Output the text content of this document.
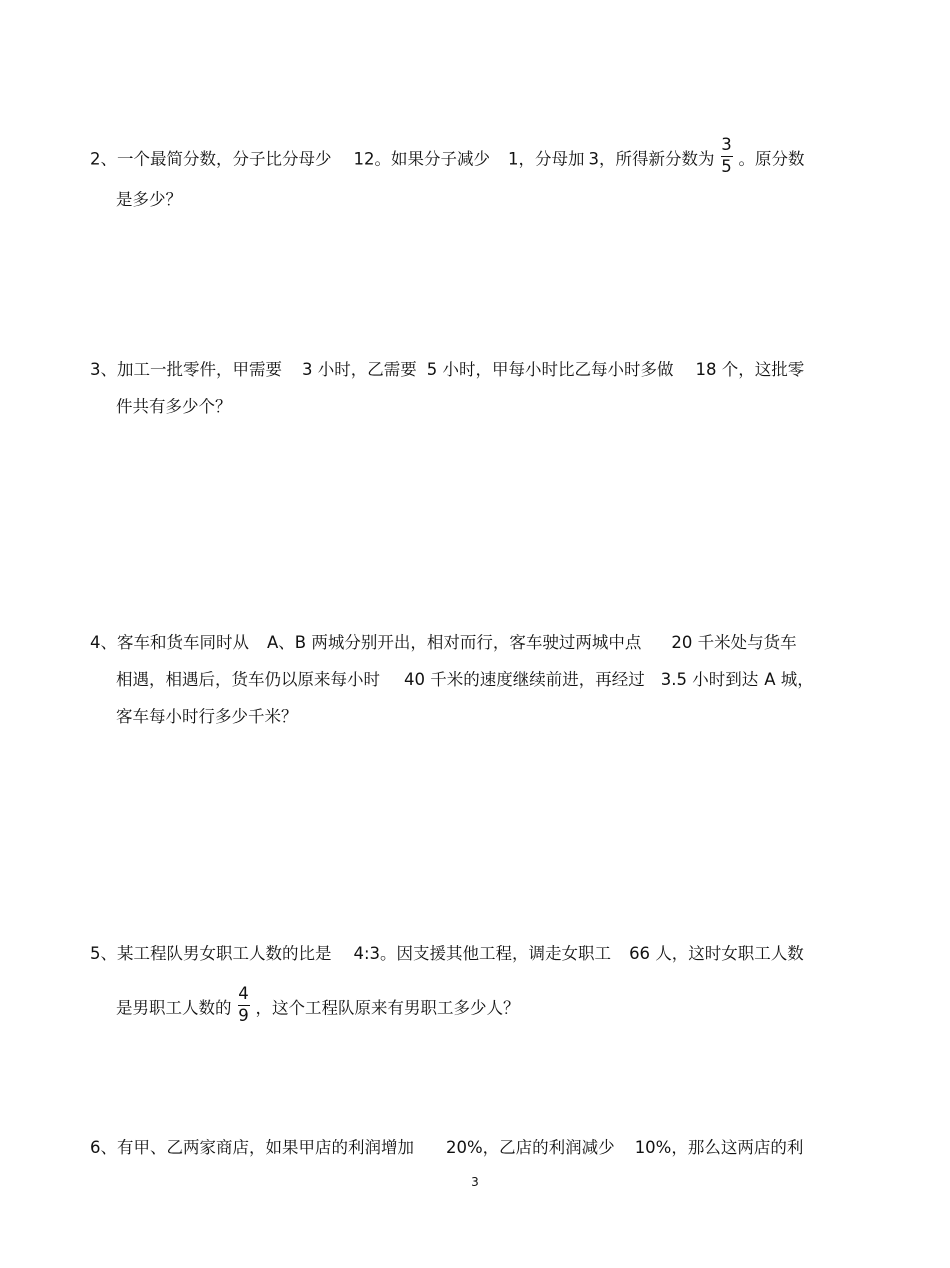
2、一个最简分数，分子比分母少 12。如果分子减少 1，分母加 3，所得新分数为 $\frac{3}{5}$ 。原分数
是多少？
3、加工一批零件，甲需要 3 小时，乙需要 5 小时，甲每小时比乙每小时多做 18 个，这批零
件共有多少个？
4、客车和货车同时从 A、B 两城分别开出，相对而行，客车驶过两城中点 20 千米处与货车
相遇，相遇后，货车仍以原来每小时 40 千米的速度继续前进，再经过 3.5 小时到达 A 城，
客车每小时行多少千米？
5、某工程队男女职工人数的比是 4:3。因支援其他工程，调走女职工 66 人，这时女职工人数
是男职工人数的 $\frac{4}{9}$ ，这个工程队原来有男职工多少人？
6、有甲、乙两家商店，如果甲店的利润增加 20%，乙店的利润减少 10%，那么这两店的利
3
